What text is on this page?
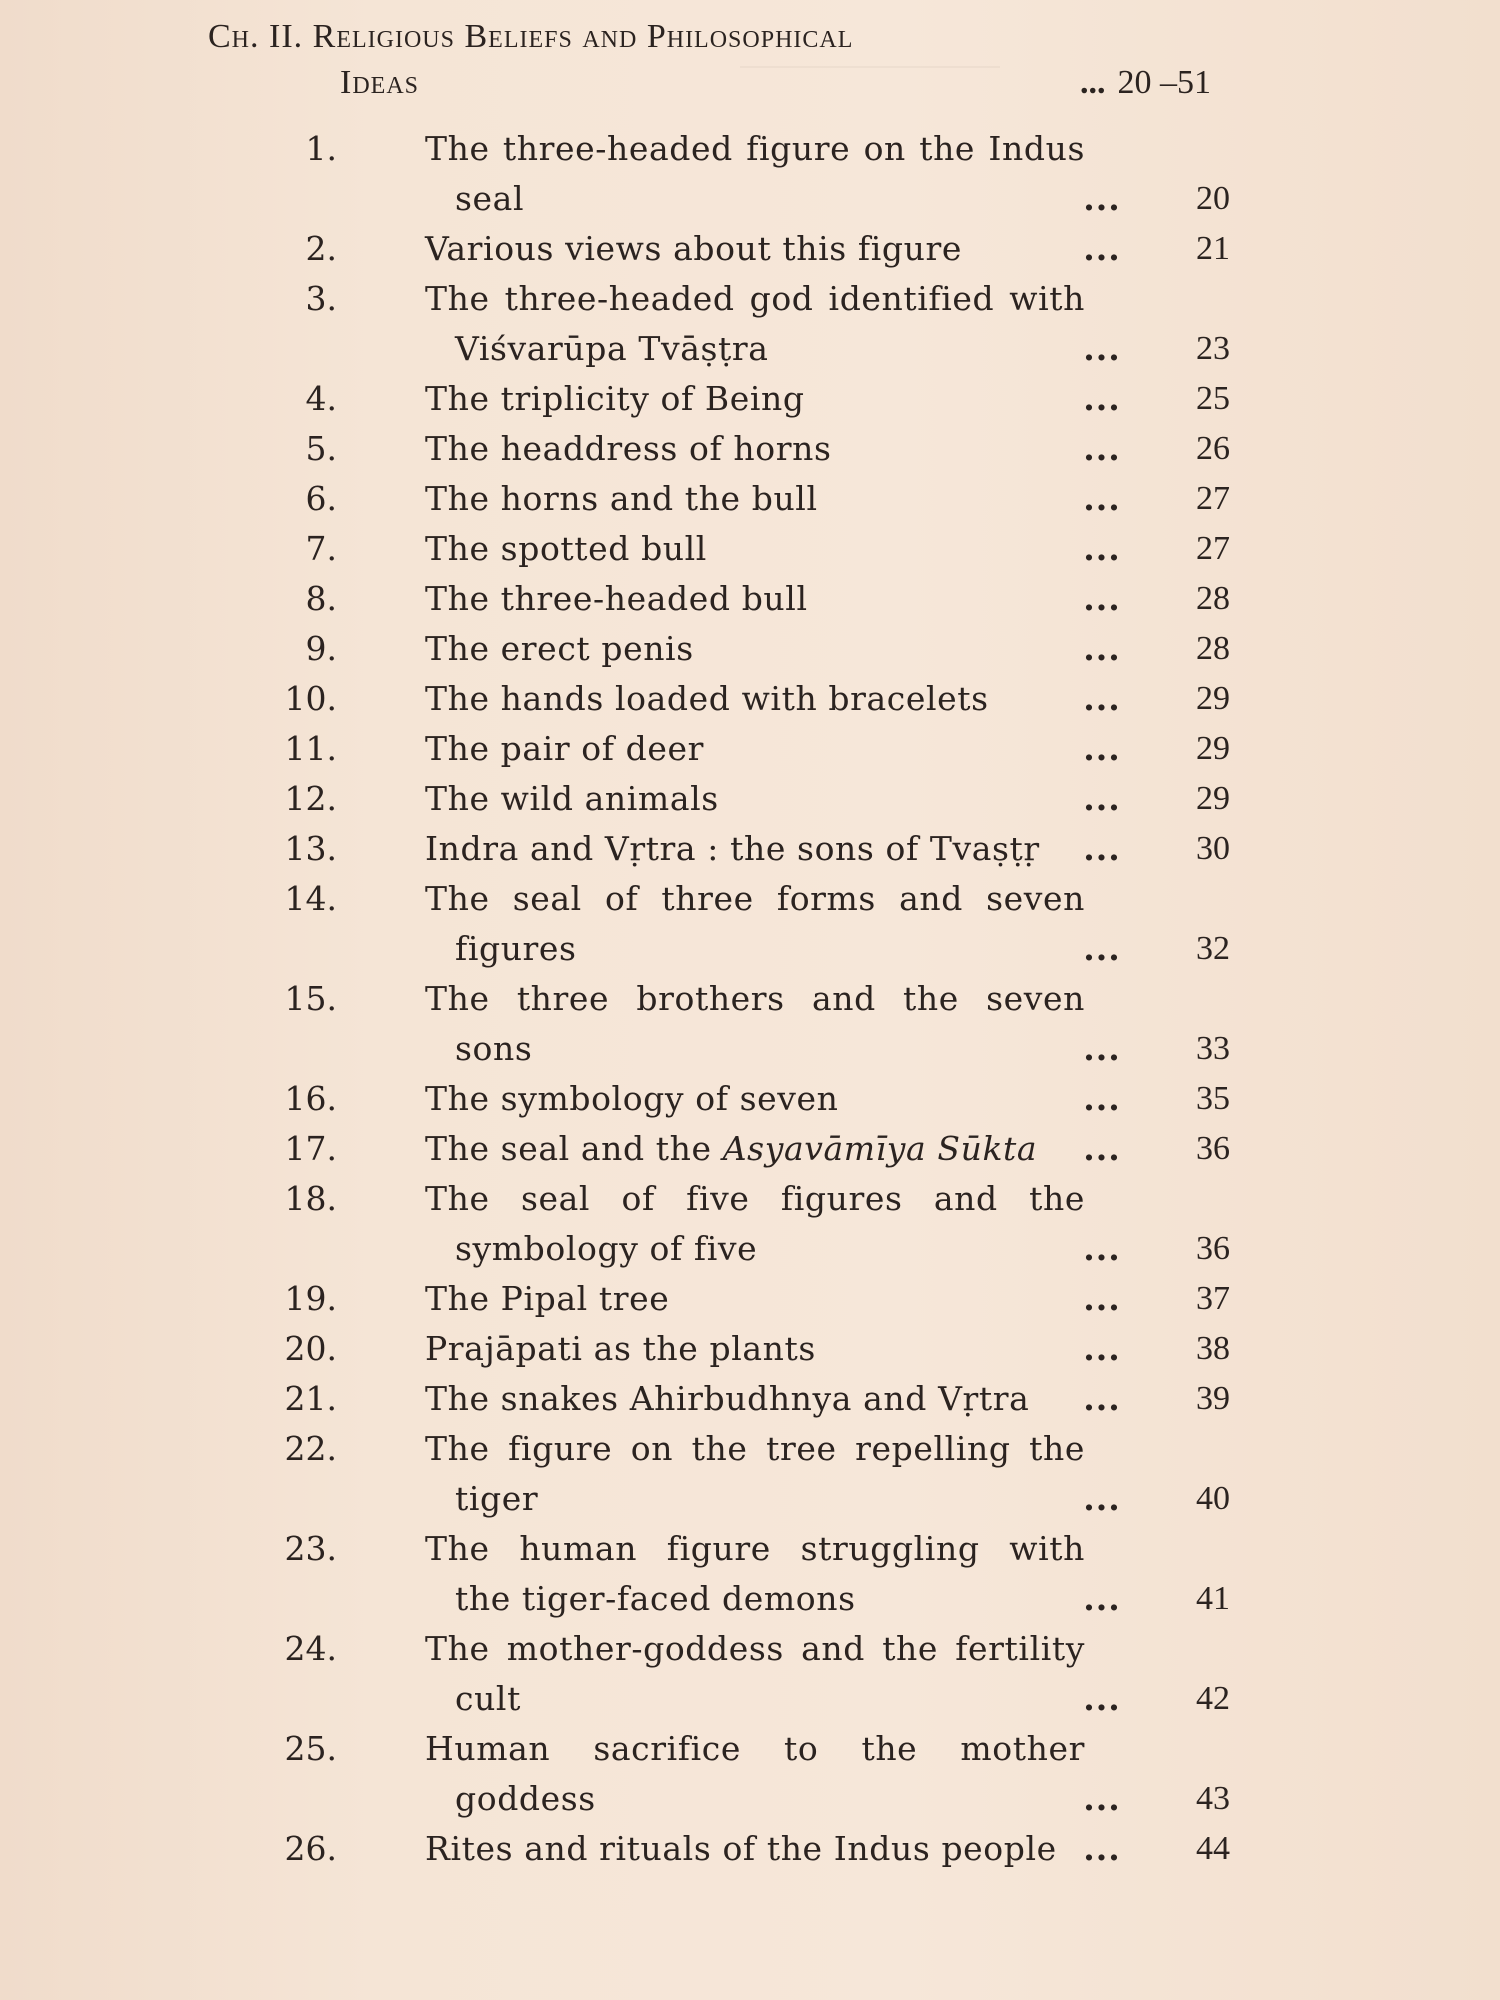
Ch. II. Religious Beliefs and Philosophical
Ideas	... 20 –51
1.	The three-headed figure on the Indus
seal	...	20
2.	Various views about this figure	...	21
3.	The three-headed god identified with
Viśvarūpa Tvāṣṭra	...	23
4.	The triplicity of Being	...	25
5.	The headdress of horns	...	26
6.	The horns and the bull	...	27
7.	The spotted bull	...	27
8.	The three-headed bull	...	28
9.	The erect penis	...	28
10.	The hands loaded with bracelets	...	29
11.	The pair of deer	...	29
12.	The wild animals	...	29
13.	Indra and Vṛtra : the sons of Tvaṣṭṛ	...	30
14.	The seal of three forms and seven
figures	...	32
15.	The three brothers and the seven
sons	...	33
16.	The symbology of seven	...	35
17.	The seal and the Asyavāmīya Sūkta	...	36
18.	The seal of five figures and the
symbology of five	...	36
19.	The Pipal tree	...	37
20.	Prajāpati as the plants	...	38
21.	The snakes Ahirbudhnya and Vṛtra	...	39
22.	The figure on the tree repelling the
tiger	...	40
23.	The human figure struggling with
the tiger-faced demons	...	41
24.	The mother-goddess and the fertility
cult	...	42
25.	Human sacrifice to the mother
goddess	...	43
26.	Rites and rituals of the Indus people ...	44
